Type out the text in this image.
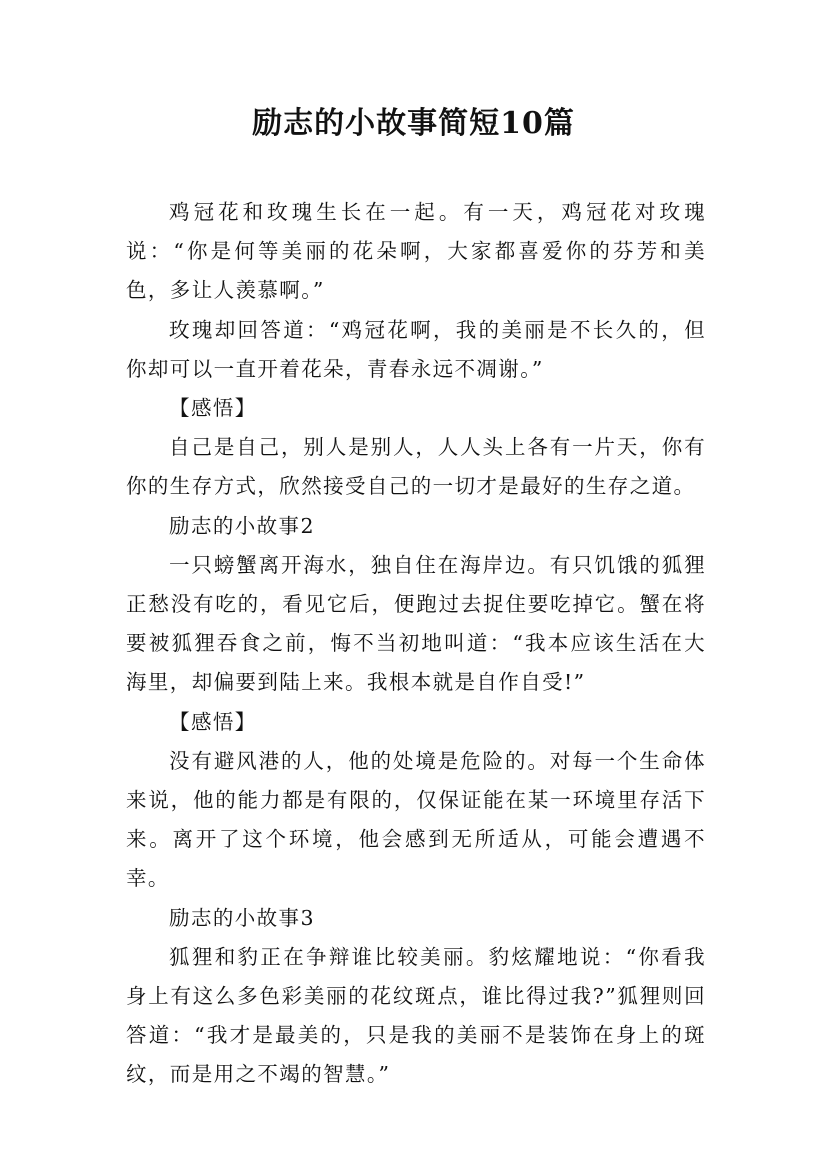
励志的小故事简短10篇

鸡冠花和玫瑰生长在一起。有一天，鸡冠花对玫瑰说：“你是何等美丽的花朵啊，大家都喜爱你的芬芳和美色，多让人羡慕啊。”

玫瑰却回答道：“鸡冠花啊，我的美丽是不长久的，但你却可以一直开着花朵，青春永远不凋谢。”

【感悟】

自己是自己，别人是别人，人人头上各有一片天，你有你的生存方式，欣然接受自己的一切才是最好的生存之道。

励志的小故事2

一只螃蟹离开海水，独自住在海岸边。有只饥饿的狐狸正愁没有吃的，看见它后，便跑过去捉住要吃掉它。蟹在将要被狐狸吞食之前，悔不当初地叫道：“我本应该生活在大海里，却偏要到陆上来。我根本就是自作自受!”

【感悟】

没有避风港的人，他的处境是危险的。对每一个生命体来说，他的能力都是有限的，仅保证能在某一环境里存活下来。离开了这个环境，他会感到无所适从，可能会遭遇不幸。

励志的小故事3

狐狸和豹正在争辩谁比较美丽。豹炫耀地说：“你看我身上有这么多色彩美丽的花纹斑点，谁比得过我?”狐狸则回答道：“我才是最美的，只是我的美丽不是装饰在身上的斑纹，而是用之不竭的智慧。”
